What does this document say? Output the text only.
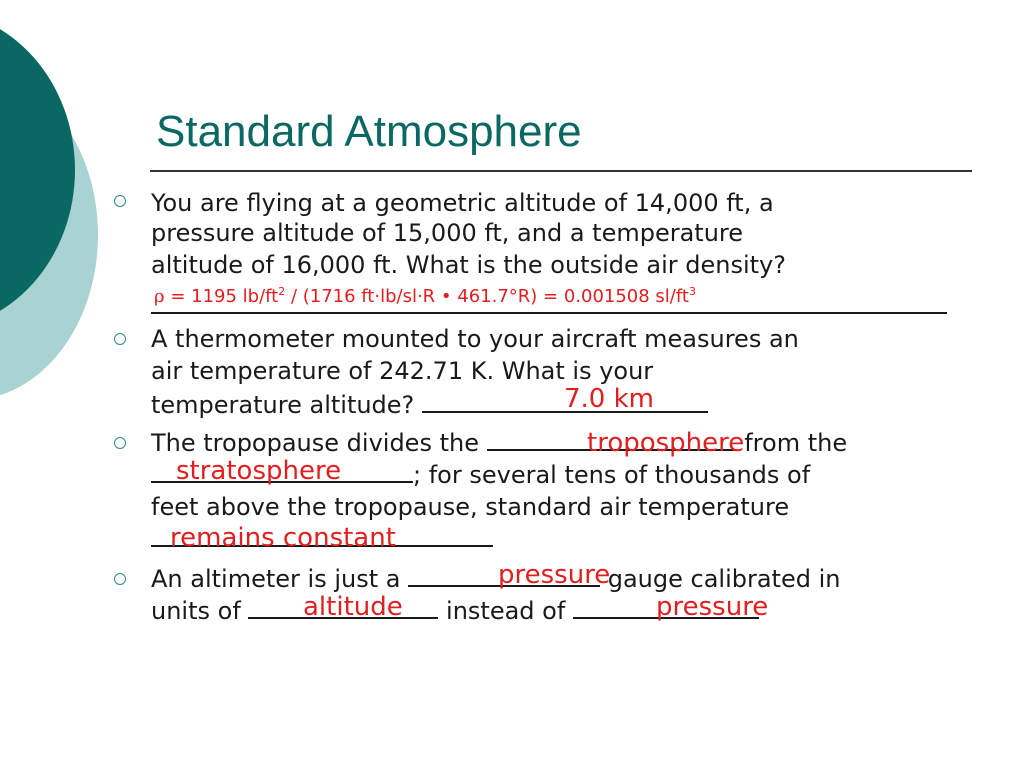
Standard Atmosphere
You are flying at a geometric altitude of 14,000 ft, a
pressure altitude of 15,000 ft, and a temperature
altitude of 16,000 ft. What is the outside air density?
ρ = 1195 $lb/ft^2 / (1716$ ft·lb/sl·R • 461.7°R) = 0.001508 $sl/ft^3$
A thermometer mounted to your aircraft measures an
air temperature of 242.71 K. What is your
temperature altitude?	7.0 km
The tropopause divides the	from the
troposphere
; for several tens of thousands of
stratosphere
feet above the tropopause, standard air temperature
remains constant
An altimeter is just a	gauge calibrated in
pressure
units of	instead of
altitude	pressure
